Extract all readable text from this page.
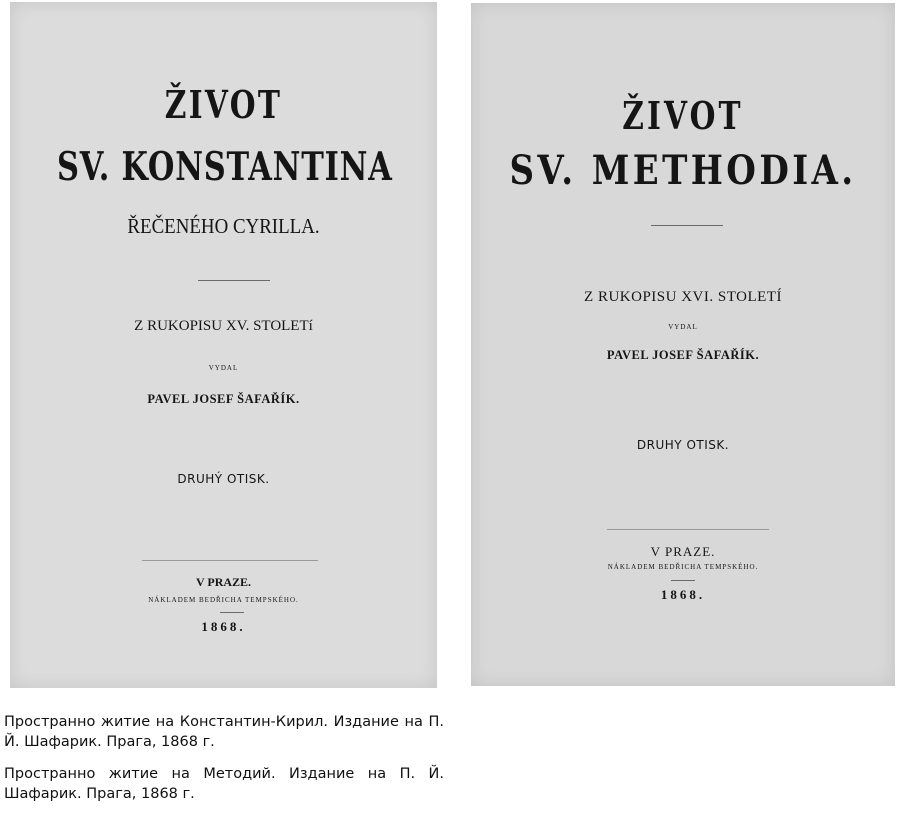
ŽIVOT
SV. KONSTANTINA
ŘEČENÉHO CYRILLA.
Z RUKOPISU XV. STOLETí
VYDAL
PAVEL JOSEF ŠAFAŘÍK.
DRUHÝ OTISK.
V PRAZE.
NÁKLADEM BEDŘICHA TEMPSKÉHO.
1868.
ŽIVOT
SV. METHODIA.
Z RUKOPISU XVI. STOLETÍ
VYDAL
PAVEL JOSEF ŠAFAŘÍK.
DRUHY OTISK.
V PRAZE.
NÁKLADEM BEDŘICHA TEMPSKÉHO.
1868.

Пространно житие на Константин-Кирил. Издание на П. Й. Шафарик. Прага, 1868 г.

Пространно житие на Методий. Издание на П. Й. Шафарик. Прага, 1868 г.
